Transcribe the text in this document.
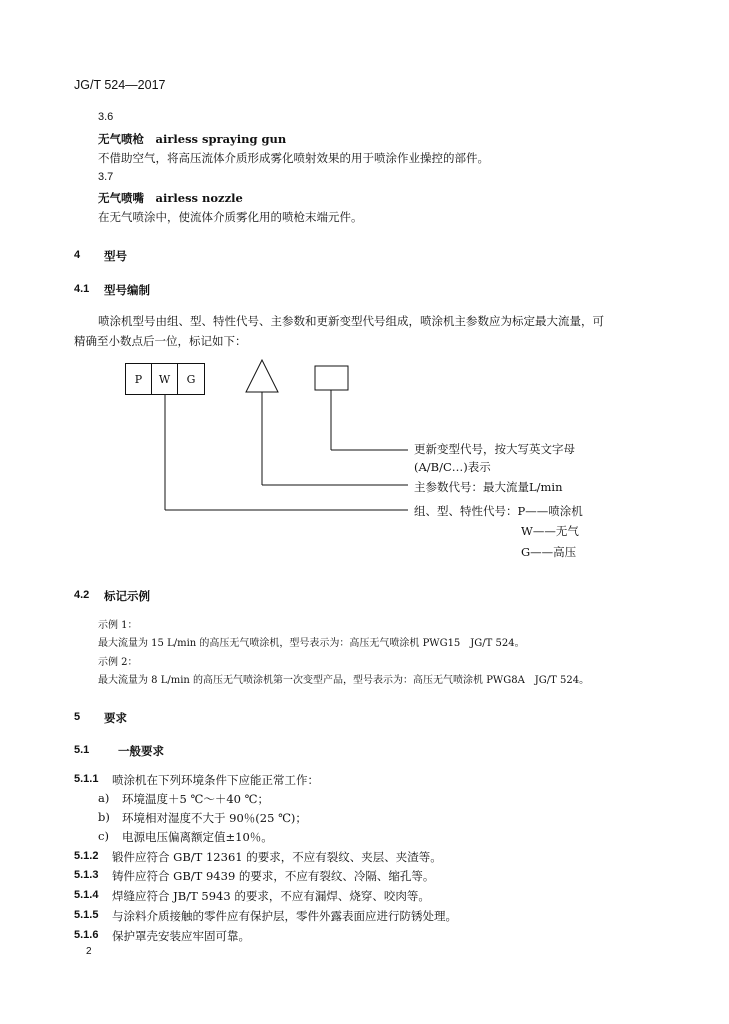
JG/T 524—2017
3.6
无气喷枪　airless spraying gun
不借助空气，将高压流体介质形成雾化喷射效果的用于喷涂作业操控的部件。
3.7
无气喷嘴　airless nozzle
在无气喷涂中，使流体介质雾化用的喷枪末端元件。
4 型号
4.1 型号编制
喷涂机型号由组、型、特性代号、主参数和更新变型代号组成，喷涂机主参数应为标定最大流量，可
精确至小数点后一位，标记如下：
P	W	G
更新变型代号，按大写英文字母
(A/B/C…)表示
主参数代号：最大流量L/min
组、型、特性代号：P——喷涂机
W——无气
G——高压
4.2 标记示例
示例 1：
最大流量为 15 L/min 的高压无气喷涂机，型号表示为：高压无气喷涂机 PWG15　JG/T 524。
示例 2：
最大流量为 8 L/min 的高压无气喷涂机第一次变型产品，型号表示为：高压无气喷涂机 PWG8A　JG/T 524。
5 要求
5.1 一般要求
5.1.1 喷涂机在下列环境条件下应能正常工作：
a) 环境温度＋5 ℃～＋40 ℃；
b) 环境相对湿度不大于 90％(25 ℃)；
c) 电源电压偏离额定值±10％。
5.1.2 锻件应符合 GB/T 12361 的要求，不应有裂纹、夹层、夹渣等。
5.1.3 铸件应符合 GB/T 9439 的要求，不应有裂纹、冷隔、缩孔等。
5.1.4 焊缝应符合 JB/T 5943 的要求，不应有漏焊、烧穿、咬肉等。
5.1.5 与涂料介质接触的零件应有保护层，零件外露表面应进行防锈处理。
5.1.6 保护罩壳安装应牢固可靠。
2
